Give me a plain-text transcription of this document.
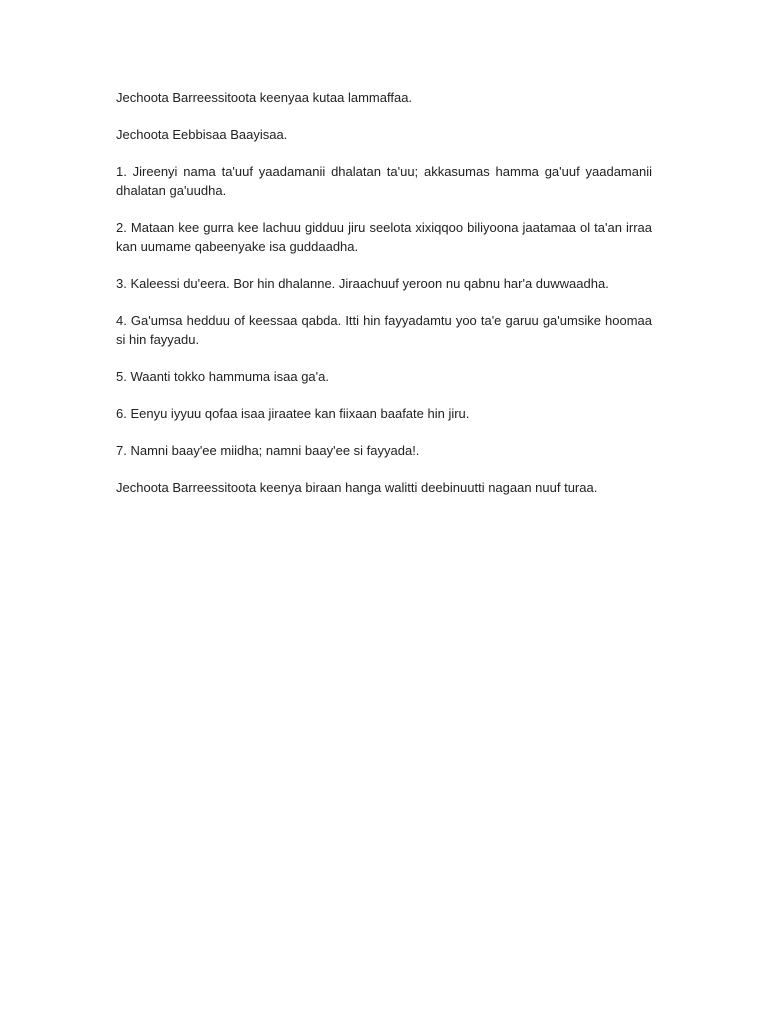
Jechoota Barreessitoota keenyaa kutaa lammaffaa.

Jechoota Eebbisaa Baayisaa.

1. Jireenyi nama ta'uuf yaadamanii dhalatan ta'uu; akkasumas hamma ga'uuf yaadamanii dhalatan ga'uudha.

2. Mataan kee gurra kee lachuu gidduu jiru seelota xixiqqoo biliyoona jaatamaa ol ta'an irraa kan uumame qabeenyake isa guddaadha.

3. Kaleessi du'eera. Bor hin dhalanne. Jiraachuuf yeroon nu qabnu har'a duwwaadha.

4. Ga'umsa hedduu of keessaa qabda. Itti hin fayyadamtu yoo ta'e garuu ga'umsike hoomaa si hin fayyadu.

5. Waanti tokko hammuma isaa ga'a.

6. Eenyu iyyuu qofaa isaa jiraatee kan fiixaan baafate hin jiru.

7. Namni baay'ee miidha; namni baay'ee si fayyada!.

Jechoota Barreessitoota keenya biraan hanga walitti deebinuutti nagaan nuuf turaa.
